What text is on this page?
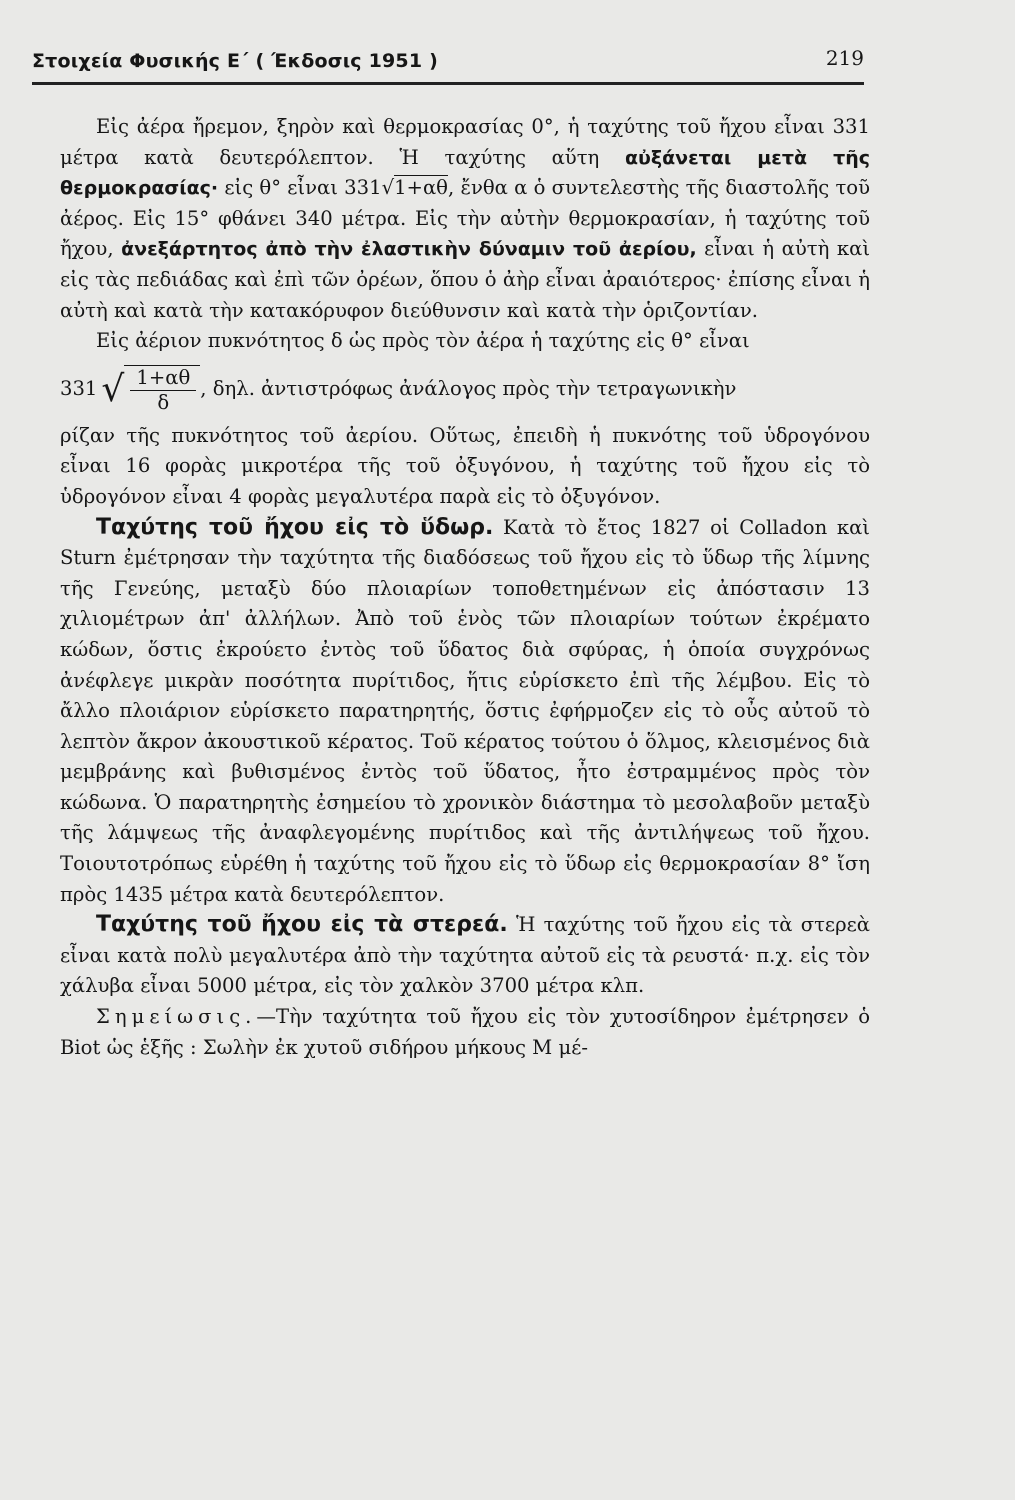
Στοιχεία Φυσικής Ε΄ ( Έκδοσις 1951 )	219

Εἰς ἀέρα ἤρεμον, ξηρὸν καὶ θερμοκρασίας 0°, ἡ ταχύτης τοῦ ἤχου εἶναι 331 μέτρα κατὰ δευτερόλεπτον. Ἡ ταχύτης αὕτη αὐξάνεται μετὰ τῆς θερμοκρασίας· εἰς θ° εἶναι 331√1+αθ, ἔνθα α ὁ συντελεστὴς τῆς διαστολῆς τοῦ ἀέρος. Εἰς 15° φθάνει 340 μέτρα. Εἰς τὴν αὐτὴν θερμοκρασίαν, ἡ ταχύτης τοῦ ἤχου, ἀνεξάρτητος ἀπὸ τὴν ἐλαστικὴν δύναμιν τοῦ ἀερίου, εἶναι ἡ αὐτὴ καὶ εἰς τὰς πεδιάδας καὶ ἐπὶ τῶν ὀρέων, ὅπου ὁ ἀὴρ εἶναι ἀραιότερος· ἐπίσης εἶναι ἡ αὐτὴ καὶ κατὰ τὴν κατακόρυφον διεύθυνσιν καὶ κατὰ τὴν ὁριζοντίαν.

Εἰς ἀέριον πυκνότητος δ ὡς πρὸς τὸν ἀέρα ἡ ταχύτης εἰς θ° εἶναι

331 √ $\frac{1+\alpha\theta}{\delta}$ , δηλ. ἀντιστρόφως ἀνάλογος πρὸς τὴν τετραγωνικὴν

ρίζαν τῆς πυκνότητος τοῦ ἀερίου. Οὕτως, ἐπειδὴ ἡ πυκνότης τοῦ ὑδρογόνου εἶναι 16 φορὰς μικροτέρα τῆς τοῦ ὀξυγόνου, ἡ ταχύτης τοῦ ἤχου εἰς τὸ ὑδρογόνον εἶναι 4 φορὰς μεγαλυτέρα παρὰ εἰς τὸ ὀξυγόνον.

Ταχύτης τοῦ ἤχου εἰς τὸ ὕδωρ. Κατὰ τὸ ἔτος 1827 οἱ Colladon καὶ Sturn ἐμέτρησαν τὴν ταχύτητα τῆς διαδόσεως τοῦ ἤχου εἰς τὸ ὕδωρ τῆς λίμνης τῆς Γενεύης, μεταξὺ δύο πλοιαρίων τοποθετημένων εἰς ἀπόστασιν 13 χιλιομέτρων ἀπ' ἀλλήλων. Ἀπὸ τοῦ ἑνὸς τῶν πλοιαρίων τούτων ἐκρέματο κώδων, ὅστις ἐκρούετο ἐντὸς τοῦ ὕδατος διὰ σφύρας, ἡ ὁποία συγχρόνως ἀνέφλεγε μικρὰν ποσότητα πυρίτιδος, ἥτις εὑρίσκετο ἐπὶ τῆς λέμβου. Εἰς τὸ ἄλλο πλοιάριον εὑρίσκετο παρατηρητής, ὅστις ἐφήρμοζεν εἰς τὸ οὖς αὐτοῦ τὸ λεπτὸν ἄκρον ἀκουστικοῦ κέρατος. Τοῦ κέρατος τούτου ὁ ὅλμος, κλεισμένος διὰ μεμβράνης καὶ βυθισμένος ἐντὸς τοῦ ὕδατος, ἦτο ἐστραμμένος πρὸς τὸν κώδωνα. Ὁ παρατηρητὴς ἐσημείου τὸ χρονικὸν διάστημα τὸ μεσολαβοῦν μεταξὺ τῆς λάμψεως τῆς ἀναφλεγομένης πυρίτιδος καὶ τῆς ἀντιλήψεως τοῦ ἤχου. Τοιουτοτρόπως εὑρέθη ἡ ταχύτης τοῦ ἤχου εἰς τὸ ὕδωρ εἰς θερμοκρασίαν 8° ἴση πρὸς 1435 μέτρα κατὰ δευτερόλεπτον.

Ταχύτης τοῦ ἤχου εἰς τὰ στερεά. Ἡ ταχύτης τοῦ ἤχου εἰς τὰ στερεὰ εἶναι κατὰ πολὺ μεγαλυτέρα ἀπὸ τὴν ταχύτητα αὐτοῦ εἰς τὰ ρευστά· π.χ. εἰς τὸν χάλυβα εἶναι 5000 μέτρα, εἰς τὸν χαλκὸν 3700 μέτρα κλπ.

Σημείωσις.—Τὴν ταχύτητα τοῦ ἤχου εἰς τὸν χυτοσίδηρον ἐμέτρησεν ὁ Biot ὡς ἑξῆς : Σωλὴν ἐκ χυτοῦ σιδήρου μήκους Μ μέ-
